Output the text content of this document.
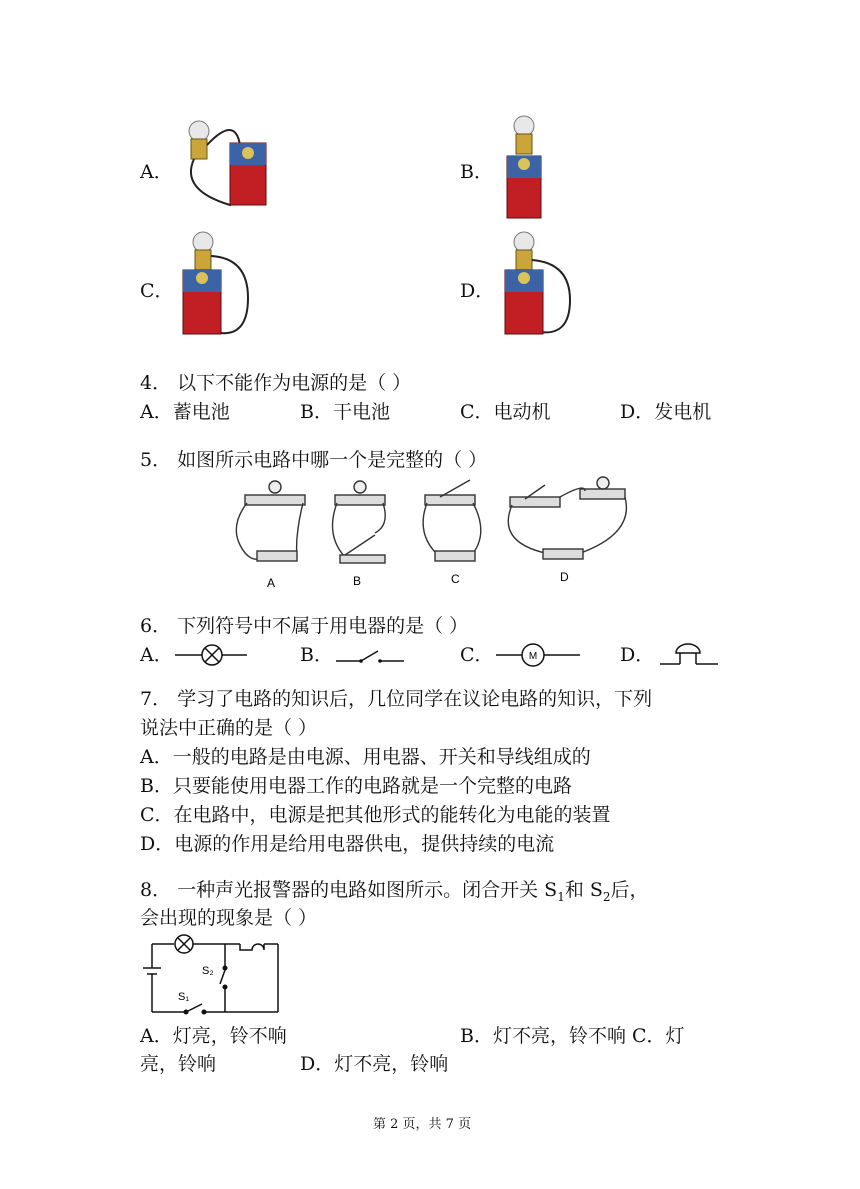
A．	B．
C．	D．
4． 以下不能作为电源的是（ ）
A．蓄电池	B．干电池	C．电动机	D．发电机
5． 如图所示电路中哪一个是完整的（ ）
A	B	C	D
6． 下列符号中不属于用电器的是（ ）
A．	B．	C．	M	D．
7． 学习了电路的知识后，几位同学在议论电路的知识，下列
说法中正确的是（ ）
A．一般的电路是由电源、用电器、开关和导线组成的
B．只要能使用电器工作的电路就是一个完整的电路
C．在电路中，电源是把其他形式的能转化为电能的装置
D．电源的作用是给用电器供电，提供持续的电流
8． 一种声光报警器的电路如图所示。闭合开关 $S_1$和 $S_2$后，
会出现的现象是（ ）
S₂
S₁
A．灯亮，铃不响	B．灯不亮，铃不响 C．灯
亮，铃响	D．灯不亮，铃响
第 2 页，共 7 页
